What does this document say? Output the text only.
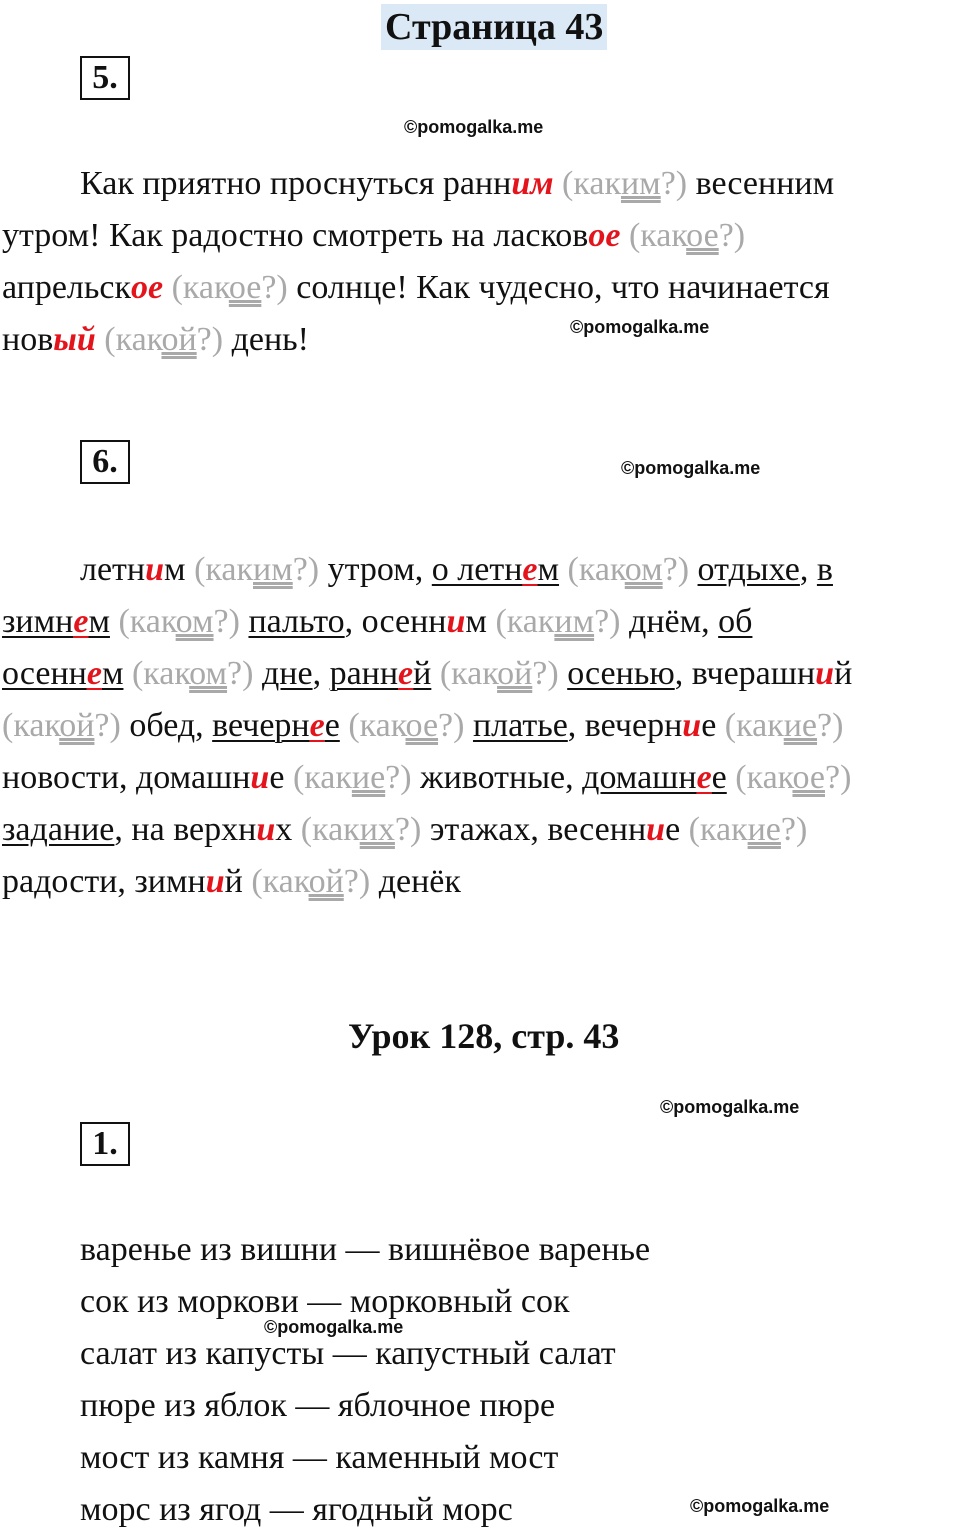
Страница 43
5.
©pomogalka.me
Как приятно проснуться ранним (каким?) весенним
утром! Как радостно смотреть на ласковое (какое?)
апрельское (какое?) солнце! Как чудесно, что начинается
новый (какой?) день!	©pomogalka.me
6.	©pomogalka.me
летним (каким?) утром, о летнем (каком?) отдыхе, в
зимнем (каком?) пальто, осенним (каким?) днём, об
осеннем (каком?) дне, ранней (какой?) осенью, вчерашний
(какой?) обед, вечернее (какое?) платье, вечерние (какие?)
новости, домашние (какие?) животные, домашнее (какое?)
задание, на верхних (каких?) этажах, весенние (какие?)
радости, зимний (какой?) денёк
Урок 128, стр. 43
©pomogalka.me
1.
варенье из вишни — вишнёвое варенье
сок из моркови — морковный сок
салат из капусты — капустный салат
пюре из яблок — яблочное пюре
мост из камня — каменный мост
морс из ягод — ягодный морс
©pomogalka.me
©pomogalka.me
